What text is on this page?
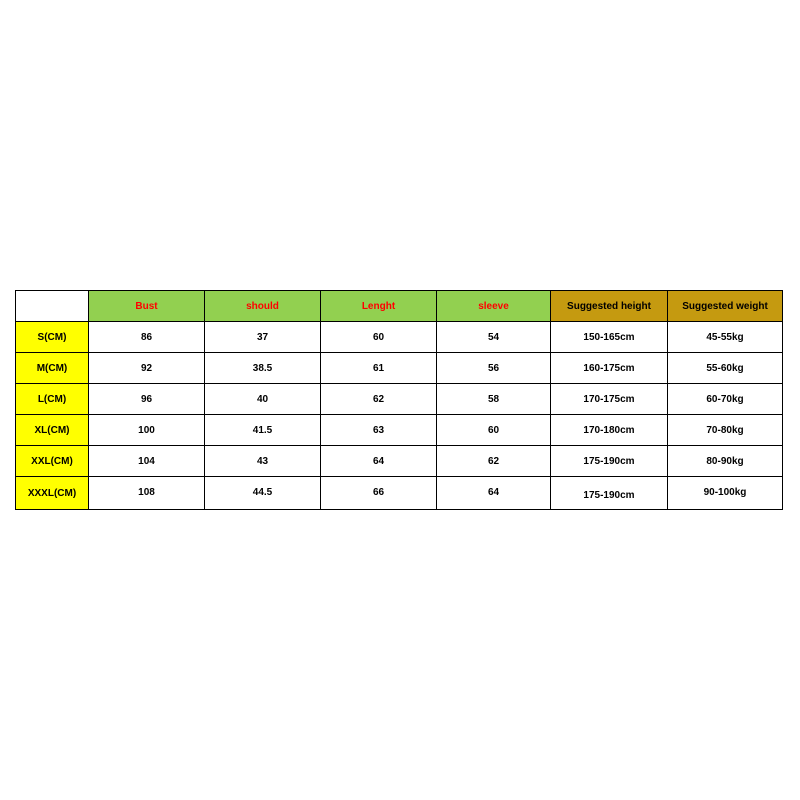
	Bust	should	Lenght	sleeve	Suggested height	Suggested weight
S(CM)	86	37	60	54	150-165cm	45-55kg
M(CM)	92	38.5	61	56	160-175cm	55-60kg
L(CM)	96	40	62	58	170-175cm	60-70kg
XL(CM)	100	41.5	63	60	170-180cm	70-80kg
XXL(CM)	104	43	64	62	175-190cm	80-90kg
XXXL(CM)	108	44.5	66	64	175-190cm	90-100kg
